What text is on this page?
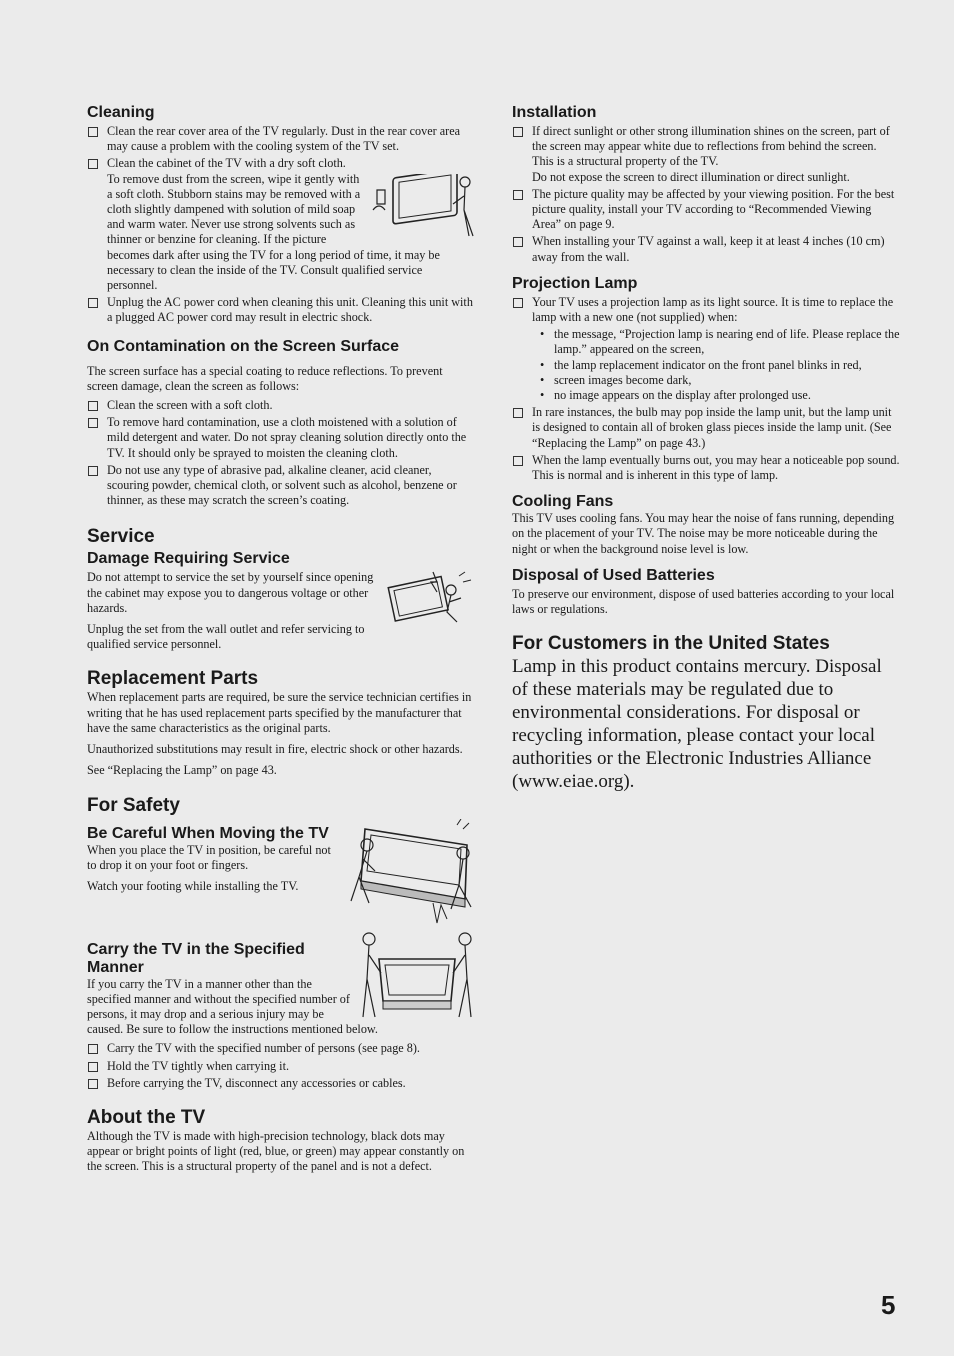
Cleaning
Clean the rear cover area of the TV regularly. Dust in the rear cover area may cause a problem with the cooling system of the TV set.
Clean the cabinet of the TV with a dry soft cloth.
To remove dust from the screen, wipe it gently with a soft cloth. Stubborn stains may be removed with a cloth slightly dampened with solution of mild soap and warm water. Never use strong solvents such as thinner or benzine for cleaning. If the picture becomes dark after using the TV for a long period of time, it may be necessary to clean the inside of the TV. Consult qualified service personnel.
Unplug the AC power cord when cleaning this unit. Cleaning this unit with a plugged AC power cord may result in electric shock.
On Contamination on the Screen Surface

The screen surface has a special coating to reduce reflections. To prevent screen damage, clean the screen as follows:

Clean the screen with a soft cloth.
To remove hard contamination, use a cloth moistened with a solution of mild detergent and water. Do not spray cleaning solution directly onto the TV. It should only be sprayed to moisten the cleaning cloth.
Do not use any type of abrasive pad, alkaline cleaner, acid cleaner, scouring powder, chemical cloth, or solvent such as alcohol, benzene or thinner, as these may scratch the screen’s coating.
Service
Damage Requiring Service

Do not attempt to service the set by yourself since opening the cabinet may expose you to dangerous voltage or other hazards.

Unplug the set from the wall outlet and refer servicing to qualified service personnel.

Replacement Parts

When replacement parts are required, be sure the service technician certifies in writing that he has used replacement parts specified by the manufacturer that have the same characteristics as the original parts.

Unauthorized substitutions may result in fire, electric shock or other hazards.

See “Replacing the Lamp” on page 43.

For Safety
Be Careful When Moving the TV

When you place the TV in position, be careful not to drop it on your foot or fingers.

Watch your footing while installing the TV.

Carry the TV in the Specified Manner

If you carry the TV in a manner other than the specified manner and without the specified number of persons, it may drop and a serious injury may be caused. Be sure to follow the instructions mentioned below.

Carry the TV with the specified number of persons (see page 8).
Hold the TV tightly when carrying it.
Before carrying the TV, disconnect any accessories or cables.
About the TV

Although the TV is made with high-precision technology, black dots may appear or bright points of light (red, blue, or green) may appear constantly on the screen. This is a structural property of the panel and is not a defect.

Installation
If direct sunlight or other strong illumination shines on the screen, part of the screen may appear white due to reflections from behind the screen. This is a structural property of the TV.
Do not expose the screen to direct illumination or direct sunlight.
The picture quality may be affected by your viewing position. For the best picture quality, install your TV according to “Recommended Viewing Area” on page 9.
When installing your TV against a wall, keep it at least 4 inches (10 cm) away from the wall.
Projection Lamp
Your TV uses a projection lamp as its light source. It is time to replace the lamp with a new one (not supplied) when:
• the message, “Projection lamp is nearing end of life. Please replace the lamp.” appeared on the screen,
• the lamp replacement indicator on the front panel blinks in red,
• screen images become dark,
• no image appears on the display after prolonged use.
In rare instances, the bulb may pop inside the lamp unit, but the lamp unit is designed to contain all of broken glass pieces inside the lamp unit. (See “Replacing the Lamp” on page 43.)
When the lamp eventually burns out, you may hear a noticeable pop sound. This is normal and is inherent in this type of lamp.
Cooling Fans

This TV uses cooling fans. You may hear the noise of fans running, depending on the placement of your TV. The noise may be more noticeable during the night or when the background noise level is low.

Disposal of Used Batteries

To preserve our environment, dispose of used batteries according to your local laws or regulations.

For Customers in the United States

Lamp in this product contains mercury. Disposal of these materials may be regulated due to environmental considerations. For disposal or recycling information, please contact your local authorities or the Electronic Industries Alliance (www.eiae.org).

5
